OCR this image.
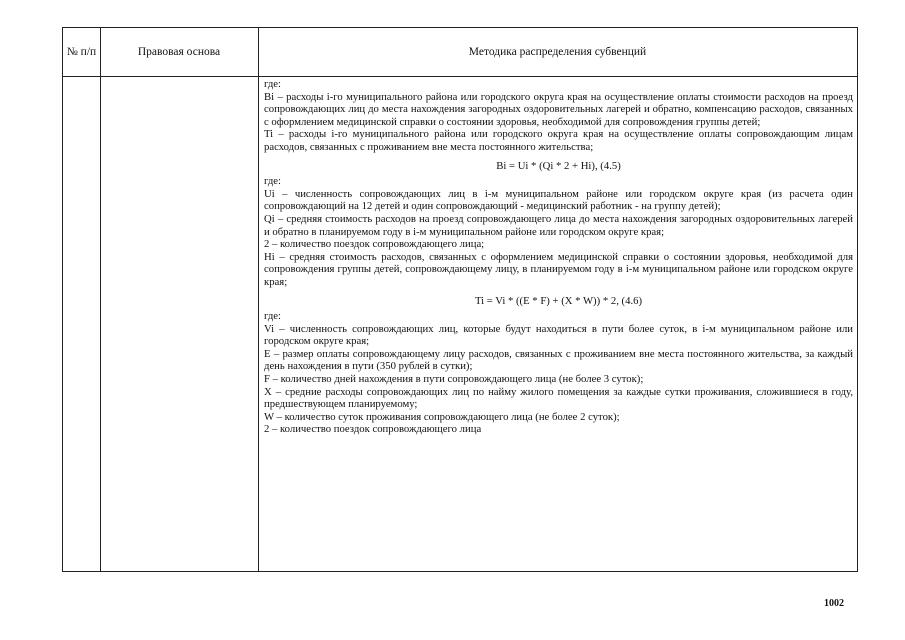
№ п/п	Правовая основа	Методика распределения субвенций

где:

Bi – расходы i-го муниципального района или городского округа края на осуществление оплаты стоимости расходов на проезд сопровождающих лиц до места нахождения загородных оздоровительных лагерей и обратно, компенсацию расходов, связанных с оформлением медицинской справки о состоянии здоровья, необходимой для сопровождения группы детей;

Ti – расходы i-го муниципального района или городского округа края на осуществление оплаты сопровождающим лицам расходов, связанных с проживанием вне места постоянного жительства;

Bi = Ui * (Qi * 2 + Hi), (4.5)

где:

Ui – численность сопровождающих лиц в i-м муниципальном районе или городском округе края (из расчета один сопровождающий на 12 детей и один сопровождающий - медицинский работник - на группу детей);

Qi – средняя стоимость расходов на проезд сопровождающего лица до места нахождения загородных оздоровительных лагерей и обратно в планируемом году в i-м муниципальном районе или городском округе края;

2 – количество поездок сопровождающего лица;

Hi – средняя стоимость расходов, связанных с оформлением медицинской справки о состоянии здоровья, необходимой для сопровождения группы детей, сопровождающему лицу, в планируемом году в i-м муниципальном районе или городском округе края;

Ti = Vi * ((E * F) + (X * W)) * 2, (4.6)

где:

Vi – численность сопровождающих лиц, которые будут находиться в пути более суток, в i-м муниципальном районе или городском округе края;

E – размер оплаты сопровождающему лицу расходов, связанных с проживанием вне места постоянного жительства, за каждый день нахождения в пути (350 рублей в сутки);

F – количество дней нахождения в пути сопровождающего лица (не более 3 суток);

X – средние расходы сопровождающих лиц по найму жилого помещения за каждые сутки проживания, сложившиеся в году, предшествующем планируемому;

W – количество суток проживания сопровождающего лица (не более 2 суток);

2 – количество поездок сопровождающего лица

1002
